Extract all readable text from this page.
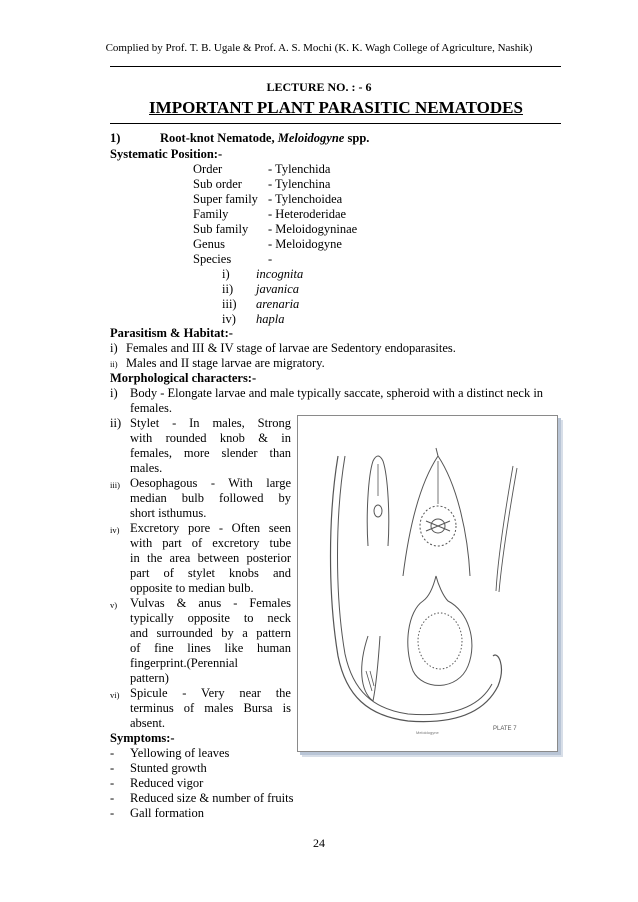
Complied by Prof. T. B. Ugale & Prof. A. S. Mochi (K. K. Wagh College of Agriculture, Nashik)
LECTURE NO. : - 6
IMPORTANT PLANT PARASITIC NEMATODES
1)	Root-knot Nematode, Meloidogyne spp.
Systematic Position:-
Order	- Tylenchida
Sub order - Tylenchina
Super family - Tylenchoidea
Family	- Heteroderidae
Sub family - Meloidogyninae
Genus	- Meloidogyne
Species	-
i) incognita
ii) javanica
iii) arenaria
iv) hapla
Parasitism & Habitat:-
i) Females and III & IV stage of larvae are Sedentory endoparasites.
ii) Males and II stage larvae are migratory.
Morphological characters:-
i) Body - Elongate larvae and male typically saccate, spheroid with a distinct neck in
females.
ii) Stylet - In males, Strong
with rounded knob & in
females, more slender than
males.
iii) Oesophagous - With large
median bulb followed by
short isthumus.
iv) Excretory pore - Often seen
with part of excretory tube
in the area between posterior
part of stylet knobs and
opposite to median bulb.
v) Vulvas & anus - Females
typically opposite to neck
and surrounded by a pattern
of fine lines like human
fingerprint.(Perennial
pattern)
vi) Spicule - Very near the
terminus of males Bursa is
absent.	PLATE 7
Meloidogyne
Symptoms:-
- Yellowing of leaves
- Stunted growth
- Reduced vigor
- Reduced size & number of fruits
- Gall formation
24
